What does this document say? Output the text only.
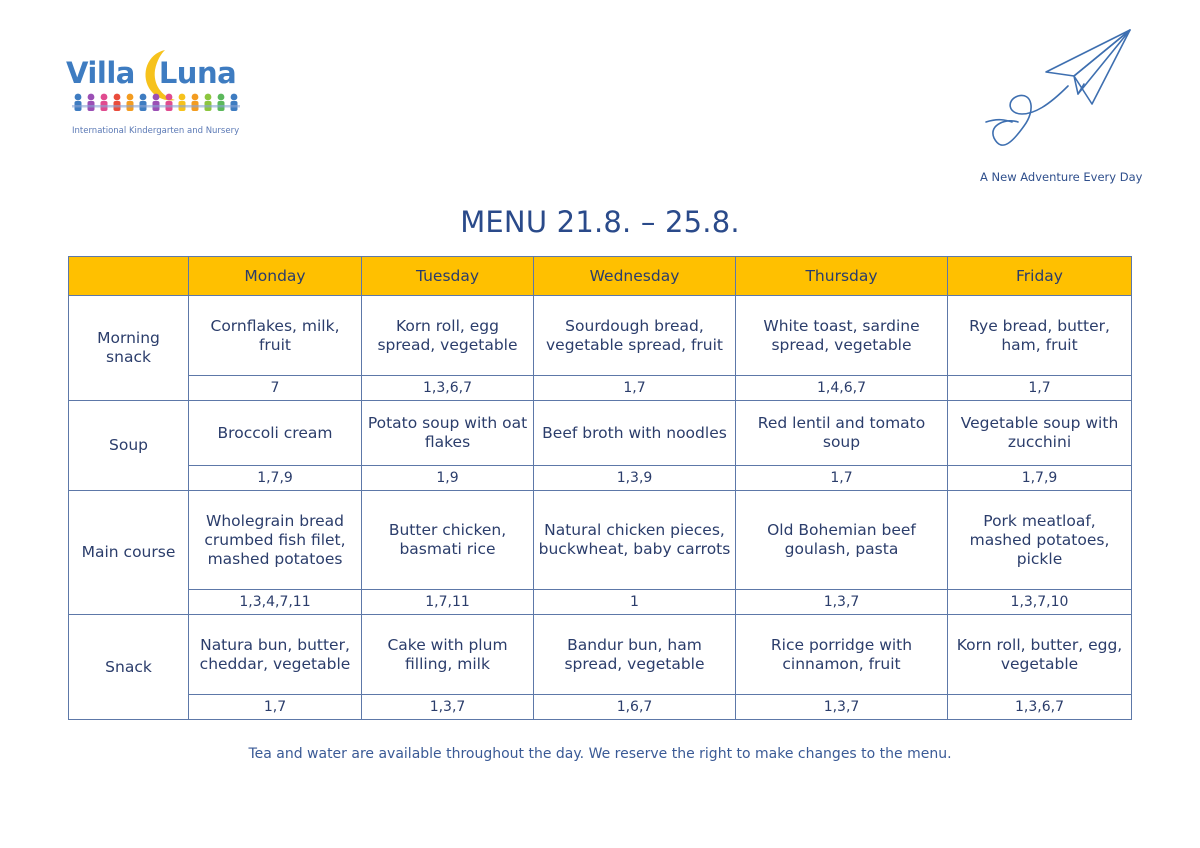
Villa Luna
International Kindergarten and Nursery
A New Adventure Every Day
MENU 21.8. – 25.8.
	Monday	Tuesday	Wednesday	Thursday	Friday
Morning snack	Cornflakes, milk, fruit	Korn roll, egg spread, vegetable	Sourdough bread, vegetable spread, fruit	White toast, sardine spread, vegetable	Rye bread, butter, ham, fruit
	7	1,3,6,7	1,7	1,4,6,7	1,7
Soup	Broccoli cream	Potato soup with oat flakes	Beef broth with noodles	Red lentil and tomato soup	Vegetable soup with zucchini
	1,7,9	1,9	1,3,9	1,7	1,7,9
Main course	Wholegrain bread crumbed fish filet, mashed potatoes	Butter chicken, basmati rice	Natural chicken pieces, buckwheat, baby carrots	Old Bohemian beef goulash, pasta	Pork meatloaf, mashed potatoes, pickle
	1,3,4,7,11	1,7,11	1	1,3,7	1,3,7,10
Snack	Natura bun, butter, cheddar, vegetable	Cake with plum filling, milk	Bandur bun, ham spread, vegetable	Rice porridge with cinnamon, fruit	Korn roll, butter, egg, vegetable
	1,7	1,3,7	1,6,7	1,3,7	1,3,6,7
Tea and water are available throughout the day. We reserve the right to make changes to the menu.
